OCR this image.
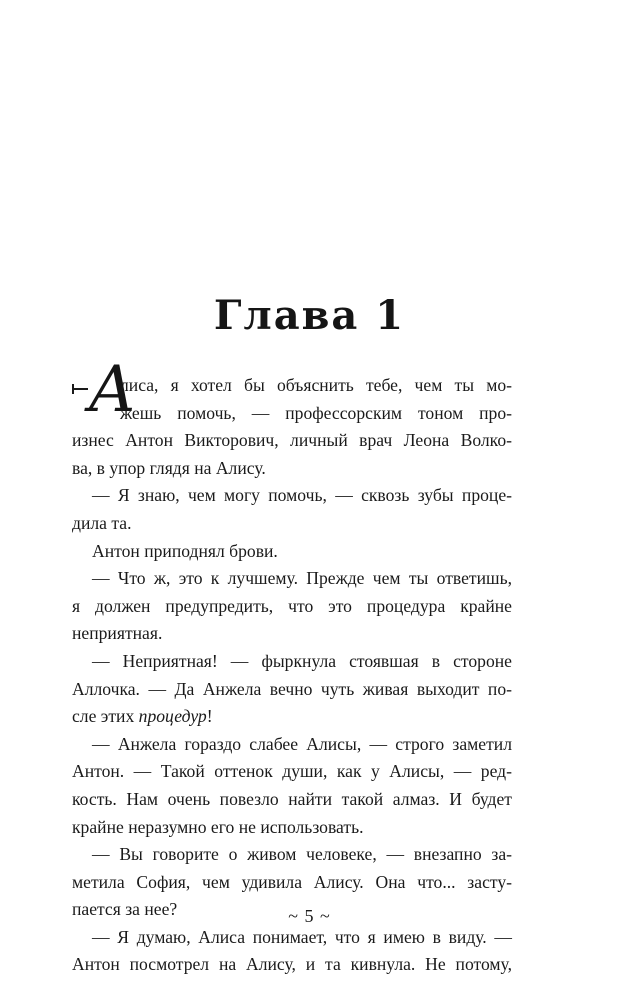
Глава 1
А
лиса, я хотел бы объяснить тебе, чем ты мо-
жешь помочь, — профессорским тоном про-
изнес Антон Викторович, личный врач Леона Волко-
ва, в упор глядя на Алису.
— Я знаю, чем могу помочь, — сквозь зубы проце-
дила та.
Антон приподнял брови.
— Что ж, это к лучшему. Прежде чем ты ответишь,
я должен предупредить, что это процедура крайне
неприятная.
— Неприятная! — фыркнула стоявшая в стороне
Аллочка. — Да Анжела вечно чуть живая выходит по-
сле этих процедур!
— Анжела гораздо слабее Алисы, — строго заметил
Антон. — Такой оттенок души, как у Алисы, — ред-
кость. Нам очень повезло найти такой алмаз. И будет
крайне неразумно его не использовать.
— Вы говорите о живом человеке, — внезапно за-
метила София, чем удивила Алису. Она что... засту-
пается за нее?
— Я думаю, Алиса понимает, что я имею в виду. —
Антон посмотрел на Алису, и та кивнула. Не потому,
~ 5 ~
